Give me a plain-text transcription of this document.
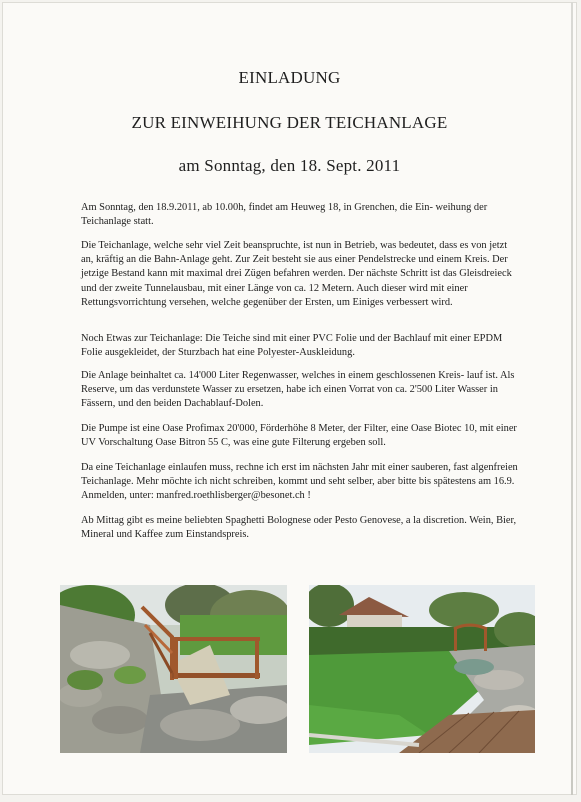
EINLADUNG
ZUR EINWEIHUNG DER TEICHANLAGE
am Sonntag, den 18. Sept. 2011

Am Sonntag, den 18.9.2011, ab 10.00h, findet am Heuweg 18, in Grenchen, die Ein- weihung der Teichanlage statt.

Die Teichanlage, welche sehr viel Zeit beanspruchte, ist nun in Betrieb, was bedeutet, dass es von jetzt an, kräftig an die Bahn-Anlage geht. Zur Zeit besteht sie aus einer Pendelstrecke und einem Kreis. Der jetzige Bestand kann mit maximal drei Zügen befahren werden. Der nächste Schritt ist das Gleisdreieck und der zweite Tunnelausbau, mit einer Länge von ca. 12 Metern. Auch dieser wird mit einer Rettungsvorrichtung versehen, welche gegenüber der Ersten, um Einiges verbessert wird.

Noch Etwas zur Teichanlage: Die Teiche sind mit einer PVC Folie und der Bachlauf mit einer EPDM Folie ausgekleidet, der Sturzbach hat eine Polyester-Auskleidung.

Die Anlage beinhaltet ca. 14'000 Liter Regenwasser, welches in einem geschlossenen Kreis- lauf ist. Als Reserve, um das verdunstete Wasser zu ersetzen, habe ich einen Vorrat von ca. 2'500 Liter Wasser in Fässern, und den beiden Dachablauf-Dolen.

Die Pumpe ist eine Oase Profimax 20'000, Förderhöhe 8 Meter, der Filter, eine Oase Biotec 10, mit einer UV Vorschaltung Oase Bitron 55 C, was eine gute Filterung ergeben soll.

Da eine Teichanlage einlaufen muss, rechne ich erst im nächsten Jahr mit einer sauberen, fast algenfreien Teichanlage. Mehr möchte ich nicht schreiben, kommt und seht selber, aber bitte bis spätestens am 16.9. Anmelden, unter: manfred.roethlisberger@besonet.ch !

Ab Mittag gibt es meine beliebten Spaghetti Bolognese oder Pesto Genovese, a la discretion. Wein, Bier, Mineral und Kaffee zum Einstandspreis.
